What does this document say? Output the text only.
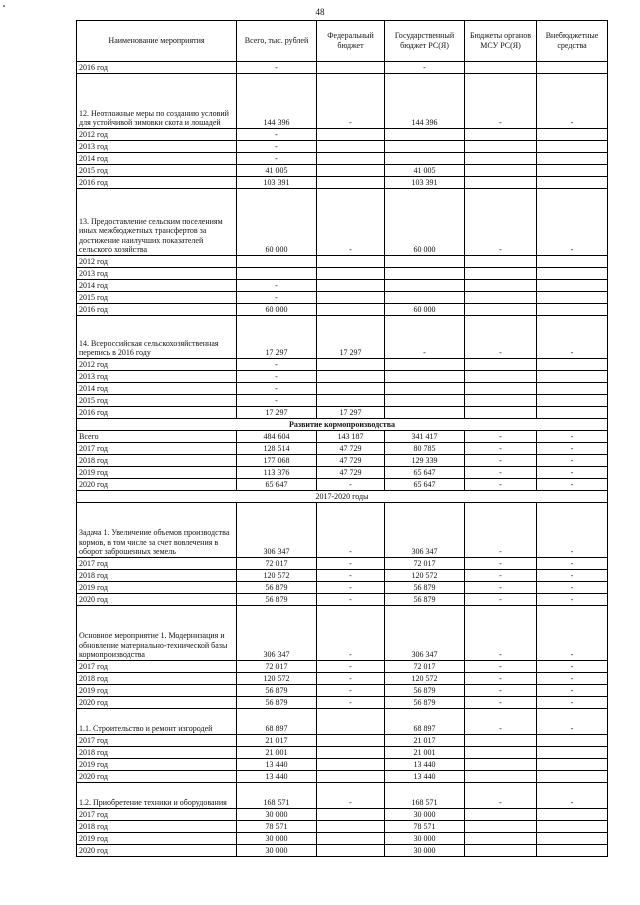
48
Наименование мероприятия	Всего, тыс. рублей	Федеральный бюджет	Государственный бюджет РС(Я)	Бюджеты органов МСУ РС(Я)	Внебюджетные средства
2016 год	-		-		
12. Неотложные меры по созданию условий для устойчивой зимовки скота и лошадей	144 396	-	144 396	-	-
2012 год	-				
2013 год	-				
2014 год	-				
2015 год	41 005		41 005		
2016 год	103 391		103 391		
13. Предоставление сельским поселениям иных межбюджетных трансфертов за достижение наилучших показателей сельского хозяйства	60 000	-	60 000	-	-
2012 год					
2013 год					
2014 год	-				
2015 год	-				
2016 год	60 000		60 000		
14. Всероссийская сельскохозяйственная перепись в 2016 году	17 297	17 297	-	-	-
2012 год	-				
2013 год	-				
2014 год	-				
2015 год	-				
2016 год	17 297	17 297			
Развитие кормопроизводства					
Всего	484 604	143 187	341 417	-	-
2017 год	128 514	47 729	80 785	-	-
2018 год	177 068	47 729	129 339	-	-
2019 год	113 376	47 729	65 647	-	-
2020 год	65 647	-	65 647	-	-
2017-2020 годы					
Задача 1. Увеличение объемов производства кормов, в том числе за счет вовлечения в оборот заброшенных земель	306 347	-	306 347	-	-
2017 год	72 017	-	72 017	-	-
2018 год	120 572	-	120 572	-	-
2019 год	56 879	-	56 879	-	-
2020 год	56 879	-	56 879	-	-
Основное мероприятие 1. Модернизация и обновление материально-технической базы кормопроизводства	306 347	-	306 347	-	-
2017 год	72 017	-	72 017	-	-
2018 год	120 572	-	120 572	-	-
2019 год	56 879	-	56 879	-	-
2020 год	56 879	-	56 879	-	-
1.1. Строительство и ремонт изгородей	68 897		68 897	-	-
2017 год	21 017		21 017		
2018 год	21 001		21 001		
2019 год	13 440		13 440		
2020 год	13 440		13 440		
1.2. Приобретение техники и оборудования	168 571	-	168 571	-	-
2017 год	30 000		30 000		
2018 год	78 571		78 571		
2019 год	30 000		30 000		
2020 год	30 000		30 000		
